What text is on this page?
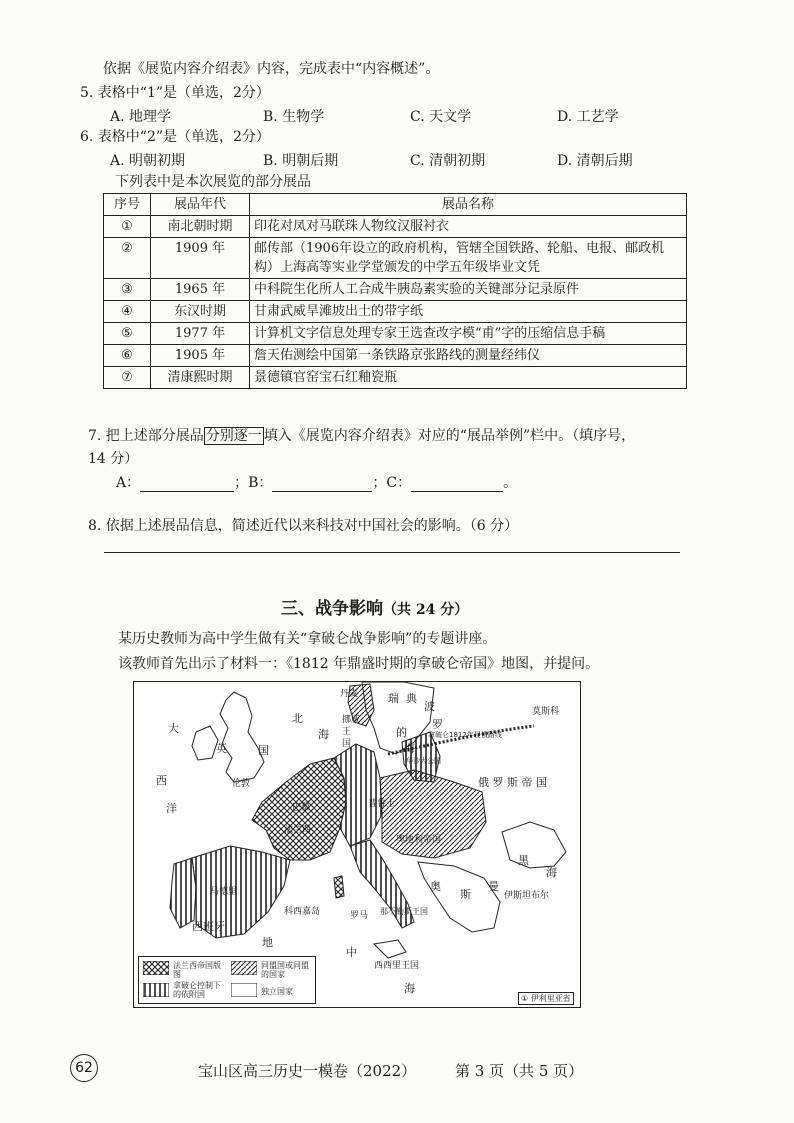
依据《展览内容介绍表》内容，完成表中“内容概述”。
5. 表格中“1”是（单选，2分）
A. 地理学	B. 生物学	C. 天文学	D. 工艺学
6. 表格中“2”是（单选，2分）
A. 明朝初期	B. 明朝后期	C. 清朝初期	D. 清朝后期
下列表中是本次展览的部分展品
序号	展品年代	展品名称
①	南北朝时期	印花对凤对马联珠人物纹汉服衬衣
②	1909 年	邮传部（1906年设立的政府机构，管辖全国铁路、轮船、电报、邮政机构）上海高等实业学堂颁发的中学五年级毕业文凭
③	1965 年	中科院生化所人工合成牛胰岛素实验的关键部分记录原件
④	东汉时期	甘肃武威旱滩坡出土的带字纸
⑤	1977 年	计算机文字信息处理专家王选查改字模“甫”字的压缩信息手稿
⑥	1905 年	詹天佑测绘中国第一条铁路京张路线的测量经纬仪
⑦	清康熙时期	景德镇官窑宝石红釉瓷瓶
7. 把上述部分展品 分别逐一 填入《展览内容介绍表》对应的“展品举例”栏中。（填序号，
14 分）
A：	；B：	；C：	。
8. 依据上述展品信息，简述近代以来科技对中国社会的影响。（6 分）
三、战争影响（共 24 分）
某历史教师为高中学生做有关“拿破仑战争影响”的专题讲座。
该教师首先出示了材料一：《1812 年鼎盛时期的拿破仑帝国》地图，并提问。
大
西
洋
英	国
伦敦
北
海
丹麦
挪威
王
国
瑞 典
波
罗
的
海
莫斯科
拿破仑1812年侵俄路线
俄 罗 斯 帝 国
巴黎
法兰西
普鲁士
华沙大公国
奥地利帝国
马德里
西班牙
科西嘉岛	罗马 那不勒斯王国
地
中
海
西西里王国
奥
斯
曼
黑
海
伊斯坦布尔
① 伊利里亚省
法兰西帝国版图
同盟国或同盟的国家
拿破仑控制下的依附国	独立国家
62	宝山区高三历史一模卷（2022）	第 3 页（共 5 页）
